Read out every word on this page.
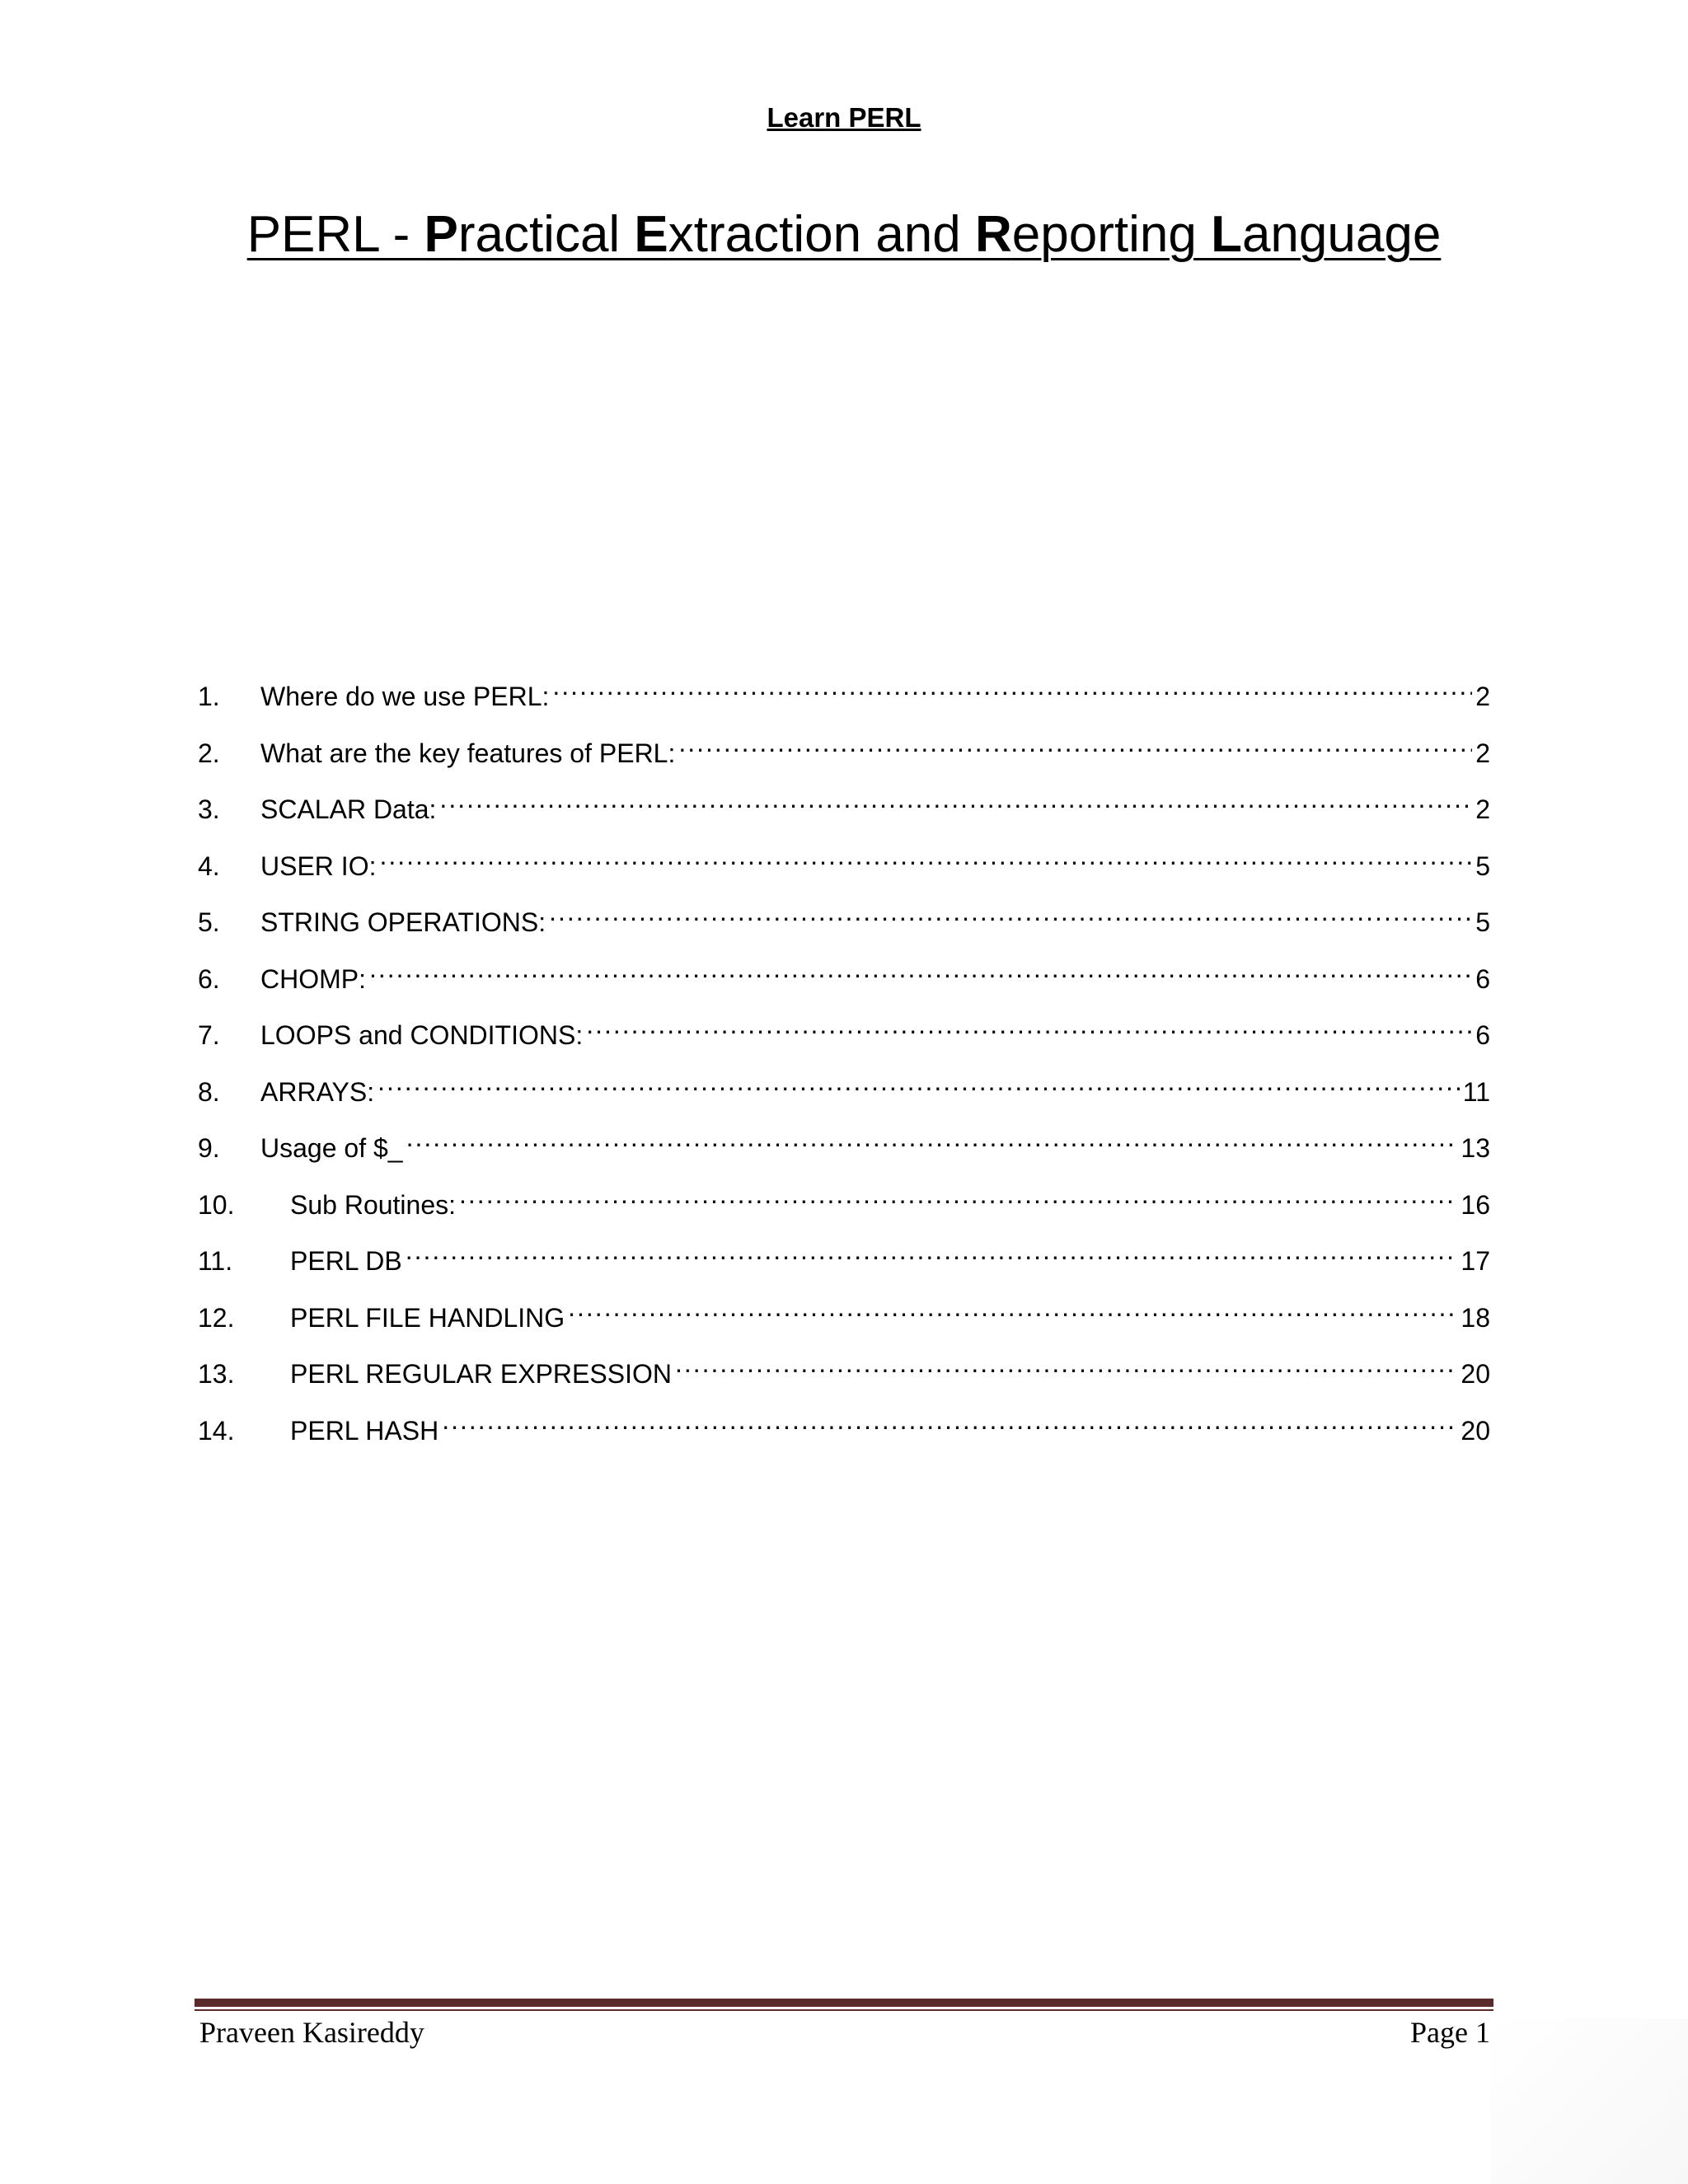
Learn PERL
PERL - Practical Extraction and Reporting Language
1.	Where do we use PERL: .....	2
2.	What are the key features of PERL: .....	2
3.	SCALAR Data: .....	2
4.	USER IO: .....	5
5.	STRING OPERATIONS: .....	5
6.	CHOMP: .....	6
7.	LOOPS and CONDITIONS: .....	6
8.	ARRAYS: .....	11
9.	Usage of $_ .....	13
10.	Sub Routines: .....	16
11.	PERL DB .....	17
12.	PERL FILE HANDLING .....	18
13.	PERL REGULAR EXPRESSION .....	20
14.	PERL HASH .....	20
Praveen Kasireddy	Page 1
